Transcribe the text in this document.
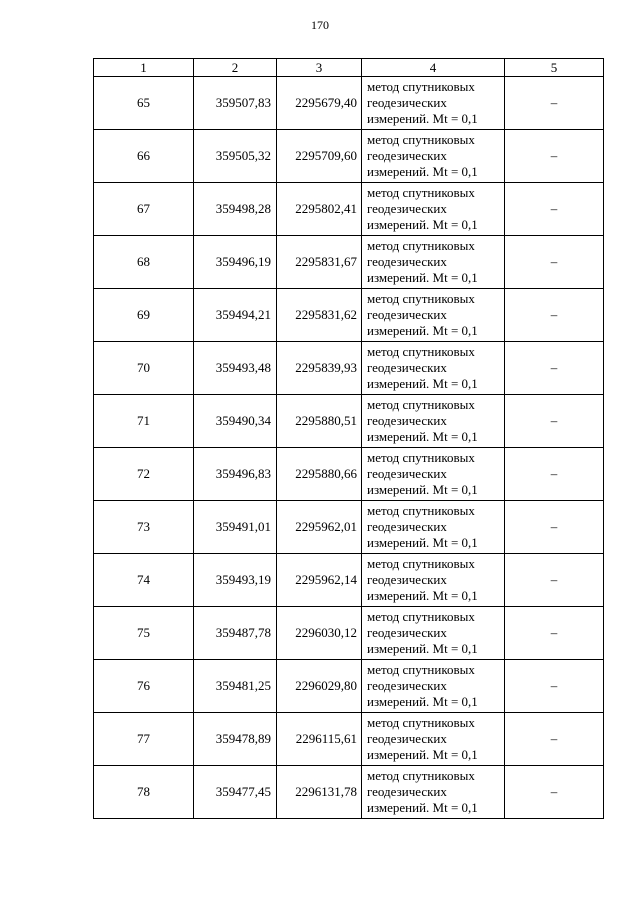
170
1	2	3	4	5
65	359507,83	2295679,40	метод спутниковых
геодезических
измерений. Mt = 0,1	–
66	359505,32	2295709,60	метод спутниковых
геодезических
измерений. Mt = 0,1	–
67	359498,28	2295802,41	метод спутниковых
геодезических
измерений. Mt = 0,1	–
68	359496,19	2295831,67	метод спутниковых
геодезических
измерений. Mt = 0,1	–
69	359494,21	2295831,62	метод спутниковых
геодезических
измерений. Mt = 0,1	–
70	359493,48	2295839,93	метод спутниковых
геодезических
измерений. Mt = 0,1	–
71	359490,34	2295880,51	метод спутниковых
геодезических
измерений. Mt = 0,1	–
72	359496,83	2295880,66	метод спутниковых
геодезических
измерений. Mt = 0,1	–
73	359491,01	2295962,01	метод спутниковых
геодезических
измерений. Mt = 0,1	–
74	359493,19	2295962,14	метод спутниковых
геодезических
измерений. Mt = 0,1	–
75	359487,78	2296030,12	метод спутниковых
геодезических
измерений. Mt = 0,1	–
76	359481,25	2296029,80	метод спутниковых
геодезических
измерений. Mt = 0,1	–
77	359478,89	2296115,61	метод спутниковых
геодезических
измерений. Mt = 0,1	–
78	359477,45	2296131,78	метод спутниковых
геодезических
измерений. Mt = 0,1	–
